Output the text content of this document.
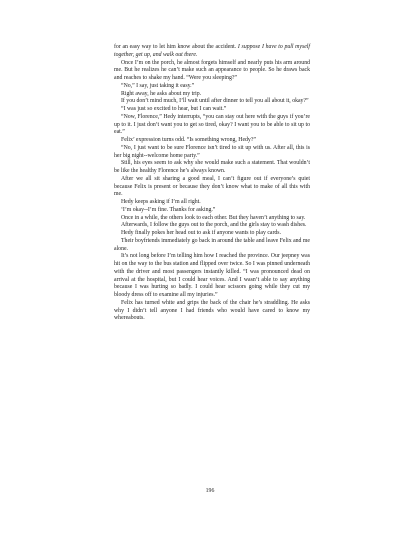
for an easy way to let him know about the accident. I suppose I have to pull myself together, get up, and walk out there.

Once I’m on the porch, he almost forgets himself and nearly puts his arm around me. But he realizes he can’t make such an appearance to people. So he draws back and reaches to shake my hand. “Were you sleeping?”

“No,” I say, just taking it easy.”

Right away, he asks about my trip.

If you don’t mind much, I’ll wait until after dinner to tell you all about it, okay?”

“I was just so excited to hear, but I can wait.”

“Now, Florence,” Hedy interrupts, “you can stay out here with the guys if you’re up to it. I just don’t want you to get so tired, okay? I want you to be able to sit up to eat.”

Felix’ expression turns odd. “Is something wrong, Hedy?”

“No, I just want to be sure Florence isn’t tired to sit up with us. After all, this is her big night--welcome home party.”

Still, his eyes seem to ask why she would make such a statement. That wouldn’t be like the healthy Florence he’s always known.

After we all sit sharing a good meal, I can’t figure out if everyone’s quiet because Felix is present or because they don’t know what to make of all this with me.

Hedy keeps asking if I’m all right.

‘I’m okay--I’m fine. Thanks for asking.”

Once in a while, the others look to each other. But they haven’t anything to say.

Afterwards, I follow the guys out to the porch, and the girls stay to wash dishes.

Hedy finally pokes her head out to ask if anyone wants to play cards.

Their boyfriends immediately go back in around the table and leave Felix and me alone.

It’s not long before I’m telling him how I reached the province. Our jeepney was hit on the way to the bus station and flipped over twice. So I was pinned underneath with the driver and most passengers instantly killed. “I was pronounced dead on arrival at the hospital, but I could hear voices. And I wasn’t able to say anything because I was hurting so badly. I could hear scissors going while they cut my bloody dress off to examine all my injuries.”

Felix has turned white and grips the back of the chair he’s straddling. He asks why I didn’t tell anyone I had friends who would have cared to know my whereabouts.

196
